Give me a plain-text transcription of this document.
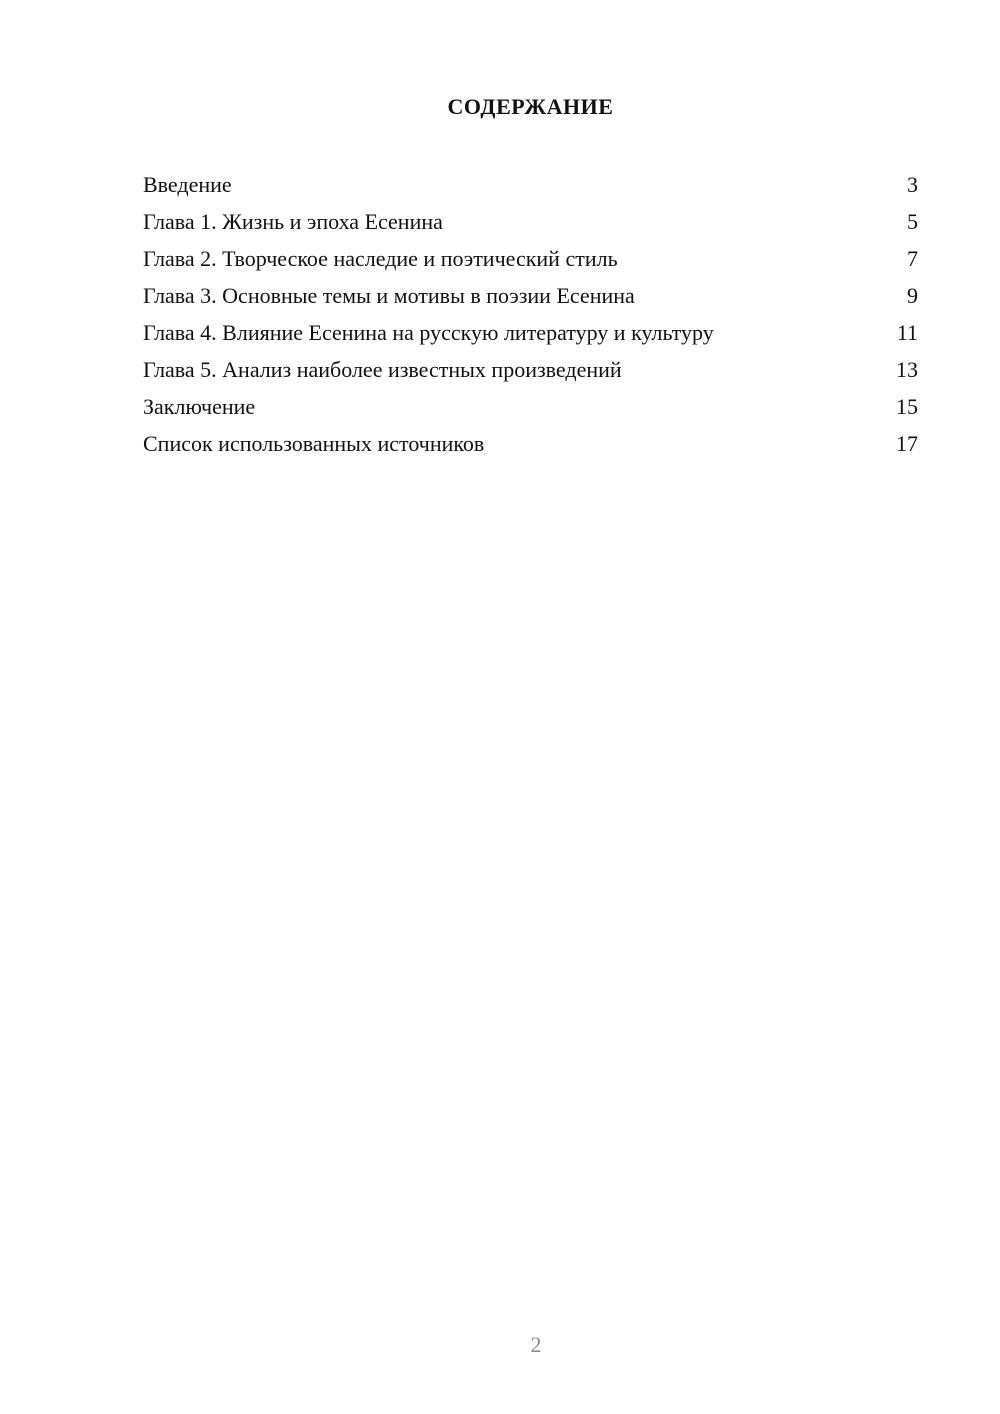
СОДЕРЖАНИЕ
Введение	3
Глава 1. Жизнь и эпоха Есенина	5
Глава 2. Творческое наследие и поэтический стиль	7
Глава 3. Основные темы и мотивы в поэзии Есенина	9
Глава 4. Влияние Есенина на русскую литературу и культуру	11
Глава 5. Анализ наиболее известных произведений	13
Заключение	15
Список использованных источников	17
2
